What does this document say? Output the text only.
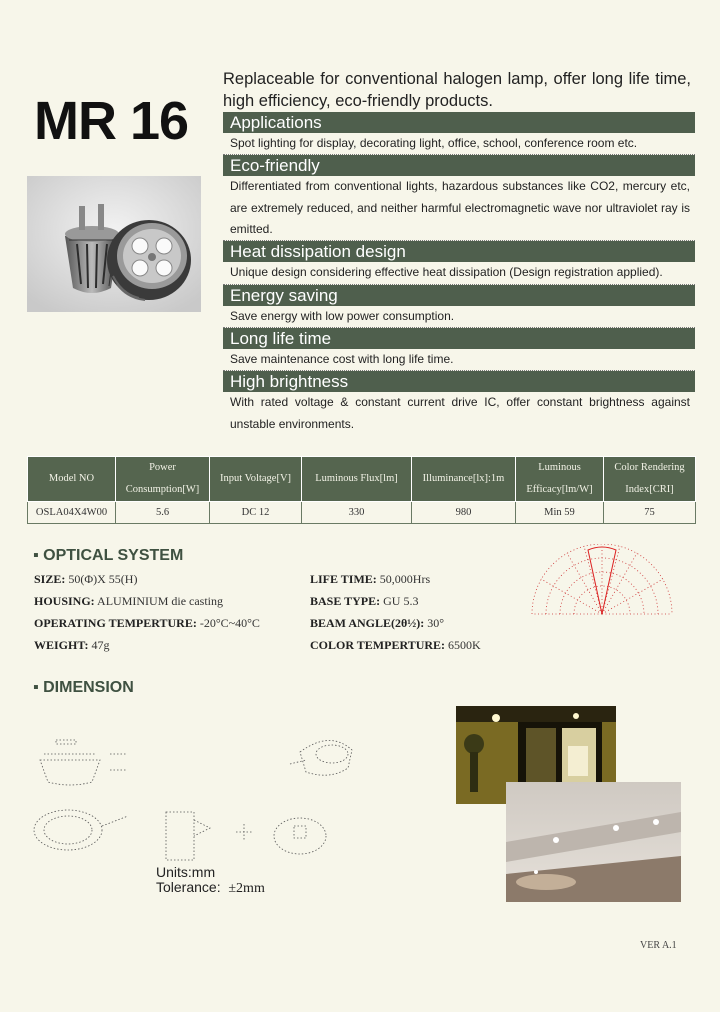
MR 16
Replaceable for conventional halogen lamp, offer long life time, high efficiency, eco-friendly products.
Applications
Spot lighting for display, decorating light, office, school, conference room etc.
Eco-friendly
Differentiated from conventional lights, hazardous substances like CO2, mercury etc, are extremely reduced, and neither harmful electromagnetic wave nor ultraviolet ray is emitted.
Heat dissipation design
Unique design considering effective heat dissipation (Design registration applied).
Energy saving
Save energy with low power consumption.
Long life time
Save maintenance cost with long life time.
High brightness
With rated voltage & constant current drive IC, offer constant brightness against unstable environments.
Model NO	Power Consumption[W]	Input Voltage[V]	Luminous Flux[lm]	Illuminance[lx]:1m	Luminous Efficacy[lm/W]	Color Rendering Index[CRI]
OSLA04X4W00	5.6	DC 12	330	980	Min 59	75
▪ OPTICAL SYSTEM
SIZE: 50(Φ)X 55(H)
HOUSING: ALUMINIUM die casting
OPERATING TEMPERTURE: -20°C~40°C
WEIGHT: 47g
LIFE TIME: 50,000Hrs
BASE TYPE: GU 5.3
BEAM ANGLE(2θ½): 30°
COLOR TEMPERTURE: 6500K
▪ DIMENSION
Units:mm
Tolerance: ±2mm
VER A.1
